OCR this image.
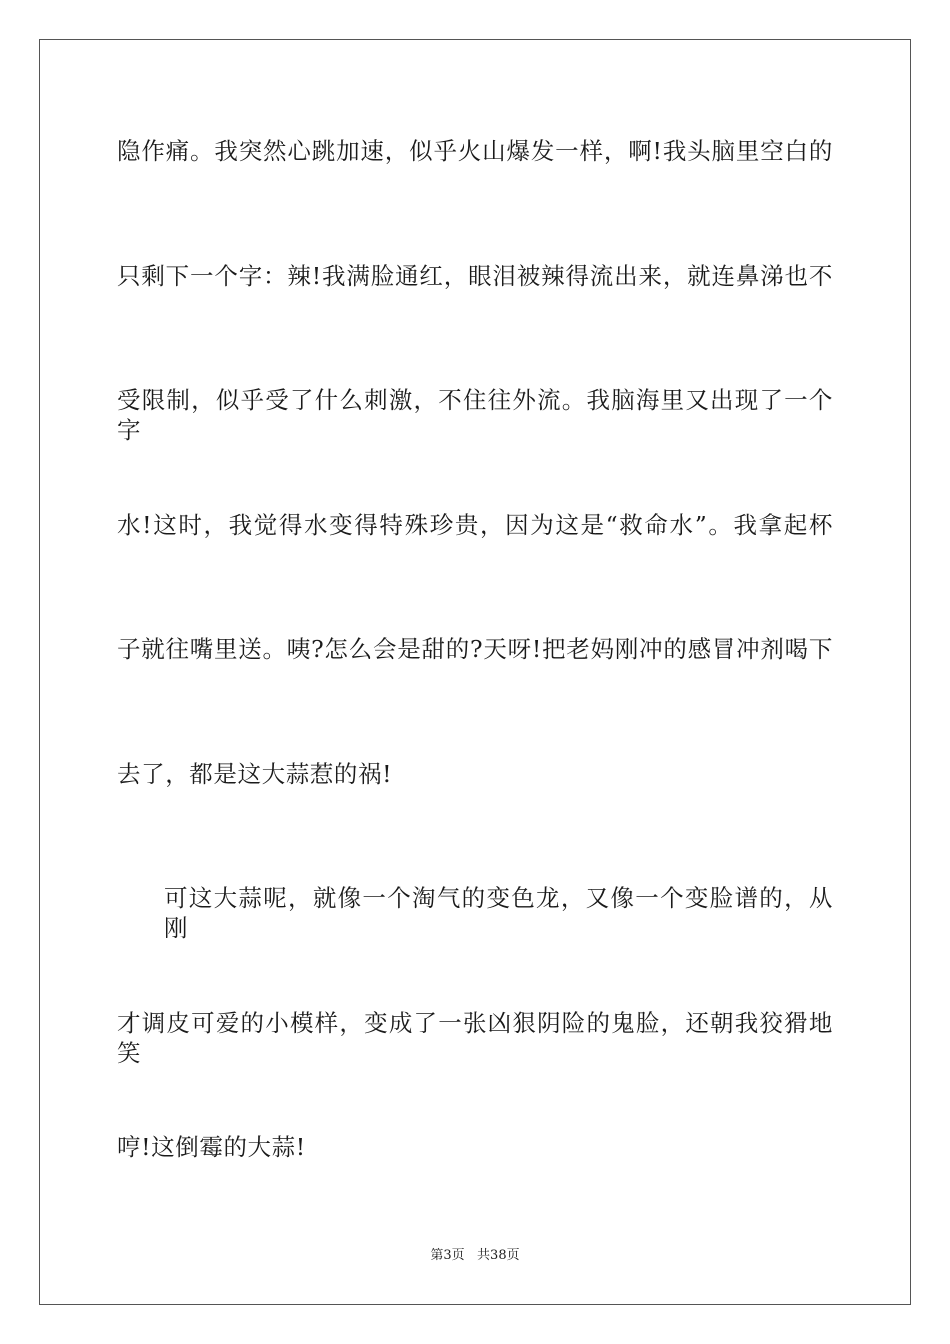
隐作痛。我突然心跳加速，似乎火山爆发一样，啊!我头脑里空白的
只剩下一个字：辣!我满脸通红，眼泪被辣得流出来，就连鼻涕也不
受限制，似乎受了什么刺激，不住往外流。我脑海里又出现了一个字
水!这时，我觉得水变得特殊珍贵，因为这是“救命水”。我拿起杯
子就往嘴里送。咦?怎么会是甜的?天呀!把老妈刚冲的感冒冲剂喝下
去了，都是这大蒜惹的祸!
可这大蒜呢，就像一个淘气的变色龙，又像一个变脸谱的，从刚
才调皮可爱的小模样，变成了一张凶狠阴险的鬼脸，还朝我狡猾地笑
哼!这倒霉的大蒜!
第3页   共38页
